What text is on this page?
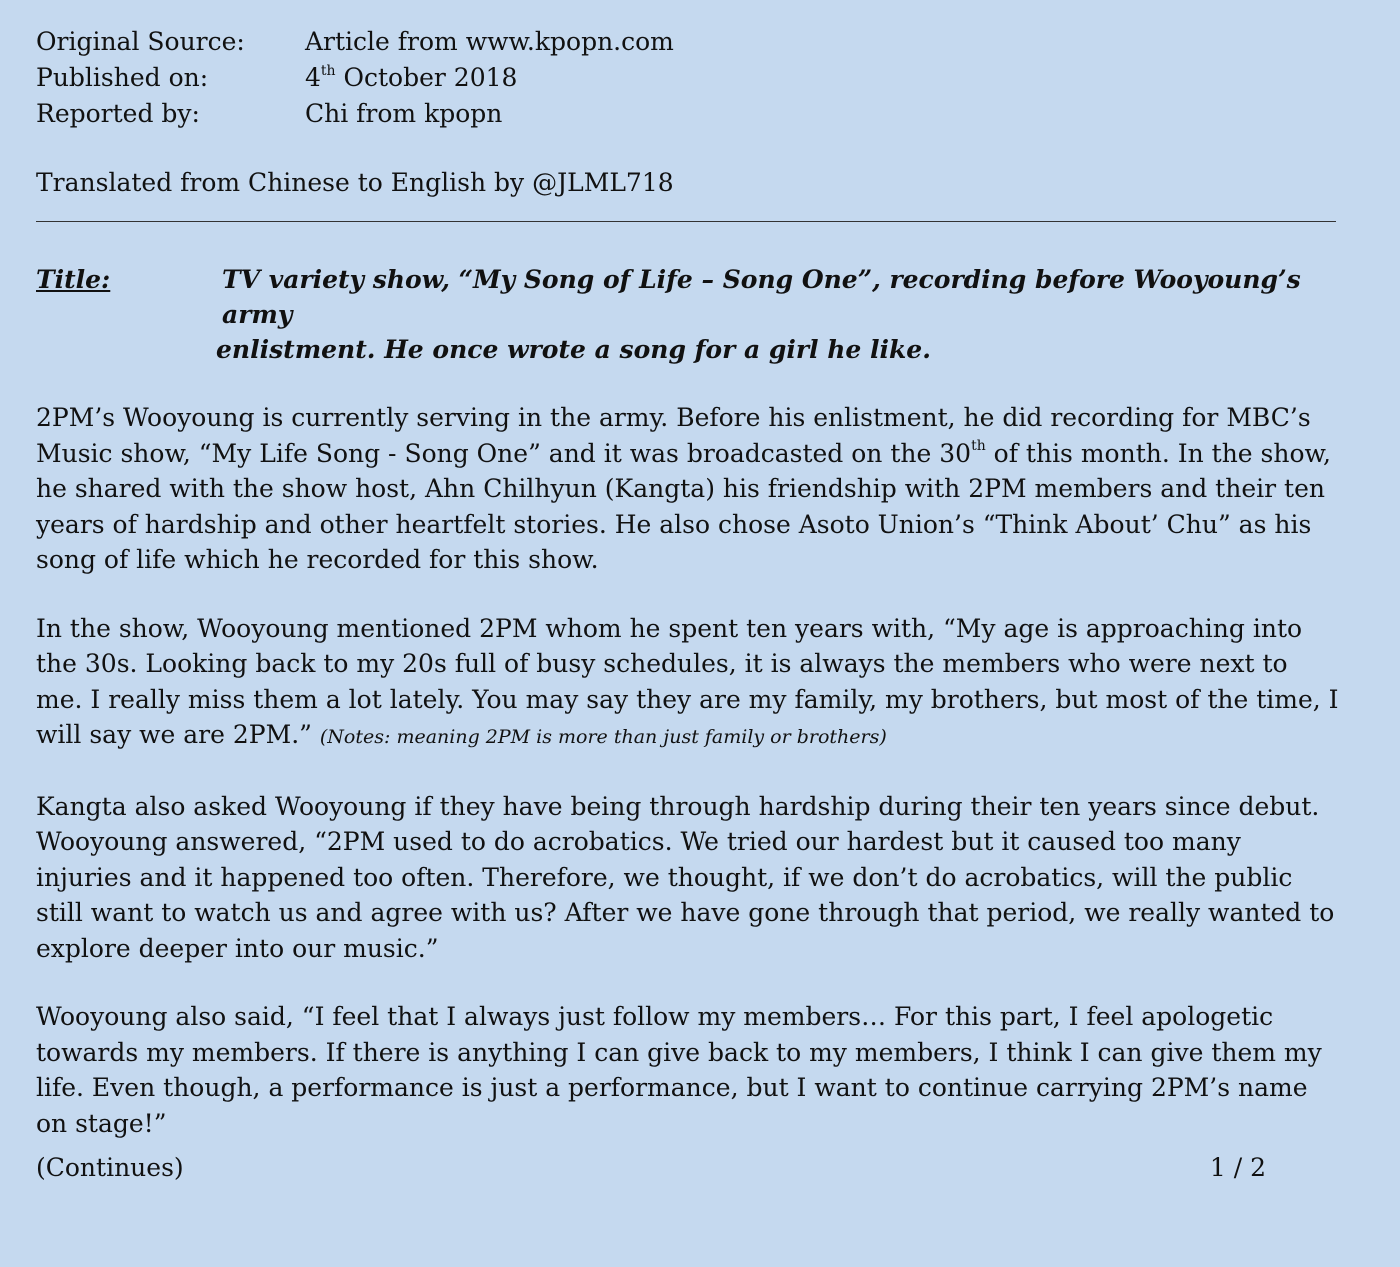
Original Source:	Article from www.kpopn.com
Published on:	4th October 2018
Reported by:	Chi from kpopn
Translated from Chinese to English by @JLML718
Title:	TV variety show, “My Song of Life – Song One”, recording before Wooyoung’s army
enlistment. He once wrote a song for a girl he like.

2PM’s Wooyoung is currently serving in the army. Before his enlistment, he did recording for MBC’s Music show, “My Life Song - Song One” and it was broadcasted on the 30th of this month. In the show, he shared with the show host, Ahn Chilhyun (Kangta) his friendship with 2PM members and their ten years of hardship and other heartfelt stories. He also chose Asoto Union’s “Think About’ Chu” as his song of life which he recorded for this show.

In the show, Wooyoung mentioned 2PM whom he spent ten years with, “My age is approaching into the 30s. Looking back to my 20s full of busy schedules, it is always the members who were next to me. I really miss them a lot lately. You may say they are my family, my brothers, but most of the time, I will say we are 2PM.” (Notes: meaning 2PM is more than just family or brothers)

Kangta also asked Wooyoung if they have being through hardship during their ten years since debut. Wooyoung answered, “2PM used to do acrobatics. We tried our hardest but it caused too many injuries and it happened too often. Therefore, we thought, if we don’t do acrobatics, will the public still want to watch us and agree with us? After we have gone through that period, we really wanted to explore deeper into our music.”

Wooyoung also said, “I feel that I always just follow my members… For this part, I feel apologetic towards my members. If there is anything I can give back to my members, I think I can give them my life. Even though, a performance is just a performance, but I want to continue carrying 2PM’s name on stage!”

(Continues)	1 / 2
